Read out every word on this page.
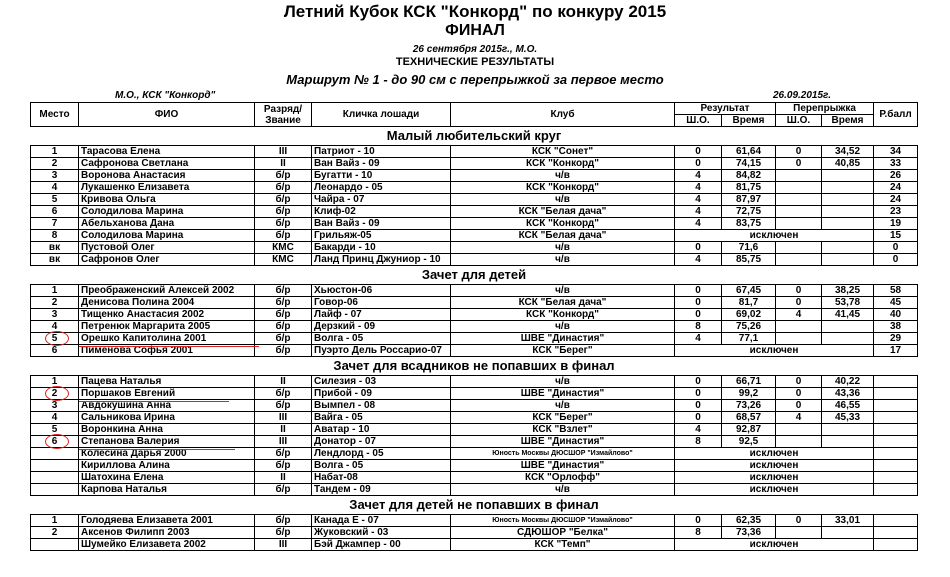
Летний Кубок КСК "Конкорд" по конкуру 2015
ФИНАЛ
26 сентября 2015г., М.О.
ТЕХНИЧЕСКИЕ РЕЗУЛЬТАТЫ
Маршрут № 1 - до 90 см с перепрыжкой за первое место
М.О., КСК "Конкорд"	26.09.2015г.
Место	ФИО	Разряд/ Звание	Кличка лошади	Клуб	Результат		Перепрыжка		Р.балл
					Ш.О.	Время	Ш.О.	Время	
Малый любительский круг									
1	Тарасова Елена	III	Патриот - 10	КСК "Сонет"	0	61,64	0	34,52	34
2	Сафронова Светлана	II	Ван Вайз - 09	КСК "Конкорд"	0	74,15	0	40,85	33
3	Воронова Анастасия	б/р	Бугатти - 10	ч/в	4	84,82			26
4	Лукашенко Елизавета	б/р	Леонардо - 05	КСК "Конкорд"	4	81,75			24
5	Кривова Ольга	б/р	Чайра - 07	ч/в	4	87,97			24
6	Солодилова Марина	б/р	Клиф-02	КСК "Белая дача"	4	72,75			23
7	Абельханова Дана	б/р	Ван Вайз - 09	КСК "Конкорд"	4	83,75			19
8	Солодилова Марина	б/р	Грильяж-05	КСК "Белая дача"	исключен				15
вк	Пустовой Олег	КМС	Бакарди - 10	ч/в	0	71,6			0
вк	Сафронов Олег	КМС	Ланд Принц Джуниор - 10	ч/в	4	85,75			0
Зачет для детей									
1	Преображенский Алексей 2002	б/р	Хьюстон-06	ч/в	0	67,45	0	38,25	58
2	Денисова Полина 2004	б/р	Говор-06	КСК "Белая дача"	0	81,7	0	53,78	45
3	Тищенко Анастасия 2002	б/р	Лайф - 07	КСК "Конкорд"	0	69,02	4	41,45	40
4	Петренюк Маргарита 2005	б/р	Дерзкий - 09	ч/в	8	75,26			38
5	Орешко Капитолина 2001	б/р	Волга - 05	ШВЕ "Династия"	4	77,1			29
6	Пименова Софья 2001	б/р	Пуэрто Дель Россарио-07	КСК "Берег"	исключен				17
Зачет для всадников не попавших в финал									
1	Пацева Наталья	II	Силезия - 03	ч/в	0	66,71	0	40,22	
2	Поршаков Евгений	б/р	Прибой - 09	ШВЕ "Династия"	0	99,2	0	43,36	
3	Авдокушина Анна	б/р	Вымпел - 08	ч/в	0	73,26	0	46,55	
4	Сальникова Ирина	III	Вайга - 05	КСК "Берег"	0	68,57	4	45,33	
5	Воронкина Анна	II	Аватар - 10	КСК "Взлет"	4	92,87			
6	Степанова Валерия	III	Донатор - 07	ШВЕ "Династия"	8	92,5			
	Колесина Дарья 2000	б/р	Лендлорд - 05	Юность Москвы ДЮСШОР "Измайлово"	исключен				
	Кириллова Алина	б/р	Волга - 05	ШВЕ "Династия"	исключен				
	Шатохина Елена	II	Набат-08	КСК "Орлофф"	исключен				
	Карпова Наталья	б/р	Тандем - 09	ч/в	исключен				
Зачет для детей не попавших в финал									
1	Голодяева Елизавета 2001	б/р	Канада Е - 07	Юность Москвы ДЮСШОР "Измайлово"	0	62,35	0	33,01	
2	Аксенов Филипп 2003	б/р	Жуковский - 03	СДЮШОР "Белка"	8	73,36			
	Шумейко Елизавета 2002	III	Бэй Джампер - 00	КСК "Темп"	исключен				
